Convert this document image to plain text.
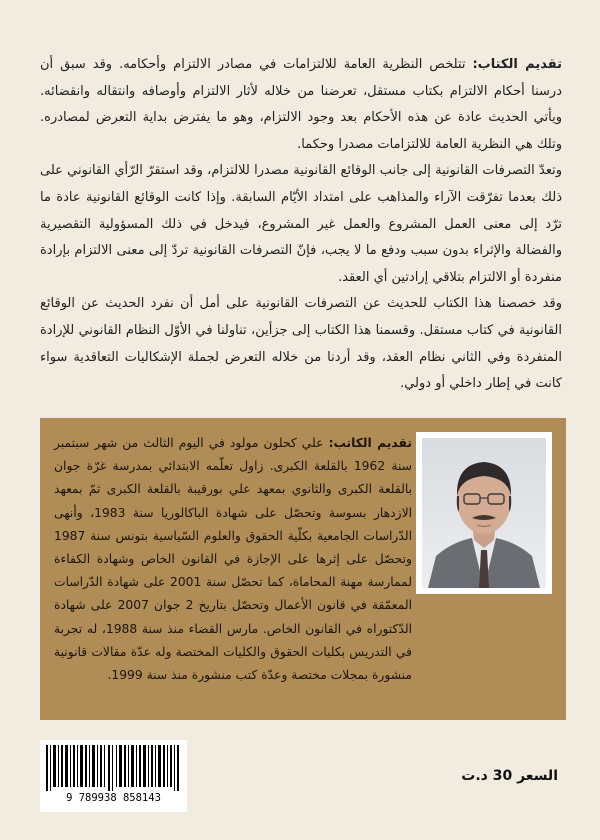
تقديم الكتاب: تتلخص النظرية العامة للالتزامات في مصادر الالتزام وأحكامه. وقد سبق أن درسنا أحكام الالتزام بكتاب مستقل، تعرضنا من خلاله لأثار الالتزام وأوصافه وانتقاله وانقضائه. ويأتي الحديث عادة عن هذه الأحكام بعد وجود الالتزام، وهو ما يفترض بداية التعرض لمصادره. وتلك هي النظرية العامة للالتزامات مصدرا وحكما.

وتعدّ التصرفات القانونية إلى جانب الوقائع القانونية مصدرا للالتزام، وقد استقرّ الرّأي القانوني على ذلك بعدما تفرّقت الآراء والمذاهب على امتداد الأيّام السابقة. وإذا كانت الوقائع القانونية عادة ما ترّد إلى معنى العمل المشروع والعمل غير المشروع، فيدخل في ذلك المسؤولية التقصيرية والفضالة والإثراء بدون سبب ودفع ما لا يجب، فإنّ التصرفات القانونية تردّ إلى معنى الالتزام بإرادة منفردة أو الالتزام بتلاقي إرادتين أي العقد.

وقد خصصنا هذا الكتاب للحديث عن التصرفات القانونية على أمل أن نفرد الحديث عن الوقائع القانونية في كتاب مستقل. وقسمنا هذا الكتاب إلى جزأين، تناولنا في الأوّل النظام القانوني للإرادة المنفردة وفي الثاني نظام العقد، وقد أردنا من خلاله التعرض لجملة الإشكاليات التعاقدية سواء كانت في إطار داخلي أو دولي.

تقديم الكاتب: علي كحلون مولود في اليوم الثالث من شهر سبتمبر سنة 1962 بالقلعة الكبرى. زاول تعلّمه الابتدائي بمدرسة غرّة جوان بالقلعة الكبرى والثانوي بمعهد علي بورقيبة بالقلعة الكبرى ثمّ بمعهد الازدهار بسوسة وتحصّل على شهادة الباكالوريا سنة 1983، وأنهى الدّراسات الجامعية بكلّية الحقوق والعلوم السّياسية بتونس سنة 1987 وتحصّل على إثرها على الإجازة في القانون الخاص وشهادة الكفاءة لممارسة مهنة المحاماة، كما تحصّل سنة 2001 على شهادة الدّراسات المعمّقة في قانون الأعمال وتحصّل بتاريخ 2 جوان 2007 على شهادة الدّكتوراه في القانون الخاص. مارس القضاء منذ سنة 1988، له تجربة في التدريس بكليات الحقوق والكليات المختصة وله عدّة مقالات قانونية منشورة بمجلات مختصة وعدّة كتب منشورة منذ سنة 1999.

9 789938 858143
السعر 30 د.ت
